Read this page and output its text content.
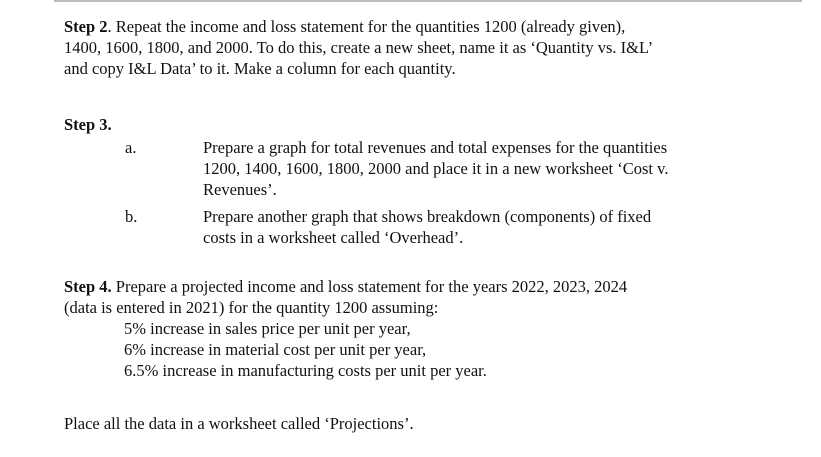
Step 2. Repeat the income and loss statement for the quantities 1200 (already given),
1400, 1600, 1800, and 2000. To do this, create a new sheet, name it as ‘Quantity vs. I&L’
and copy I&L Data’ to it. Make a column for each quantity.
Step 3.
a.	Prepare a graph for total revenues and total expenses for the quantities
1200, 1400, 1600, 1800, 2000 and place it in a new worksheet ‘Cost v.
Revenues’.
b.	Prepare another graph that shows breakdown (components) of fixed
costs in a worksheet called ‘Overhead’.
Step 4. Prepare a projected income and loss statement for the years 2022, 2023, 2024
(data is entered in 2021) for the quantity 1200 assuming:
5% increase in sales price per unit per year,
6% increase in material cost per unit per year,
6.5% increase in manufacturing costs per unit per year.
Place all the data in a worksheet called ‘Projections’.
